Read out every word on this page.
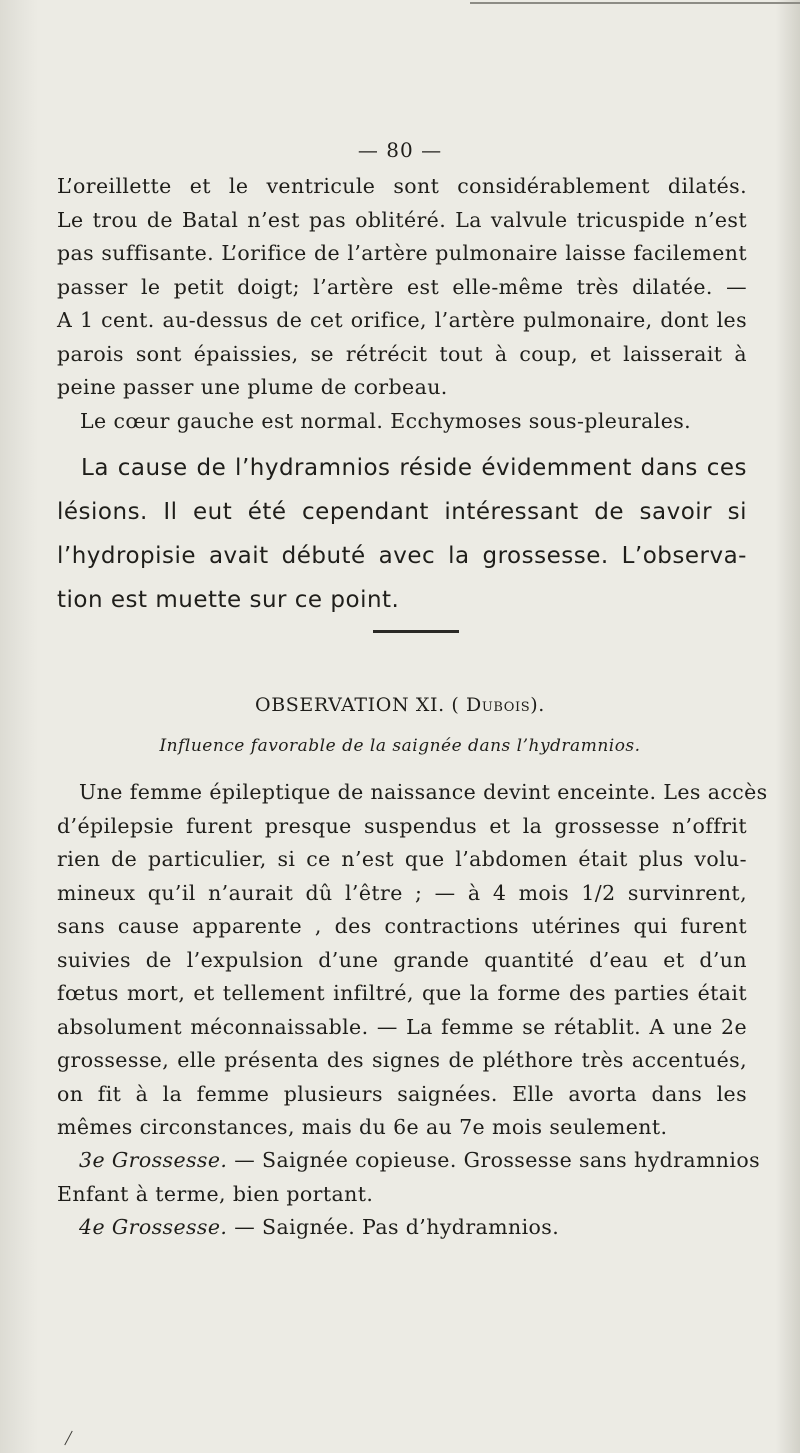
— 80 —
L’oreillette et le ventricule sont considérablement dilatés.
Le trou de Batal n’est pas oblitéré. La valvule tricuspide n’est
pas suffisante. L’orifice de l’artère pulmonaire laisse facilement
passer le petit doigt; l’artère est elle-même très dilatée. —
A 1 cent. au-dessus de cet orifice, l’artère pulmonaire, dont les
parois sont épaissies, se rétrécit tout à coup, et laisserait à
peine passer une plume de corbeau.
Le cœur gauche est normal. Ecchymoses sous-pleurales.
La cause de l’hydramnios réside évidemment dans ces
lésions. Il eut été cependant intéressant de savoir si
l’hydropisie avait débuté avec la grossesse. L’observa-
tion est muette sur ce point.
OBSERVATION XI. ( Dubois).
Influence favorable de la saignée dans l’hydramnios.
Une femme épileptique de naissance devint enceinte. Les accès
d’épilepsie furent presque suspendus et la grossesse n’offrit
rien de particulier, si ce n’est que l’abdomen était plus volu-
mineux qu’il n’aurait dû l’être ; — à 4 mois 1/2 survinrent,
sans cause apparente , des contractions utérines qui furent
suivies de l’expulsion d’une grande quantité d’eau et d’un
fœtus mort, et tellement infiltré, que la forme des parties était
absolument méconnaissable. — La femme se rétablit. A une 2e
grossesse, elle présenta des signes de pléthore très accentués,
on fit à la femme plusieurs saignées. Elle avorta dans les
mêmes circonstances, mais du 6e au 7e mois seulement.
3e Grossesse. — Saignée copieuse. Grossesse sans hydramnios
Enfant à terme, bien portant.
4e Grossesse. — Saignée. Pas d’hydramnios.
